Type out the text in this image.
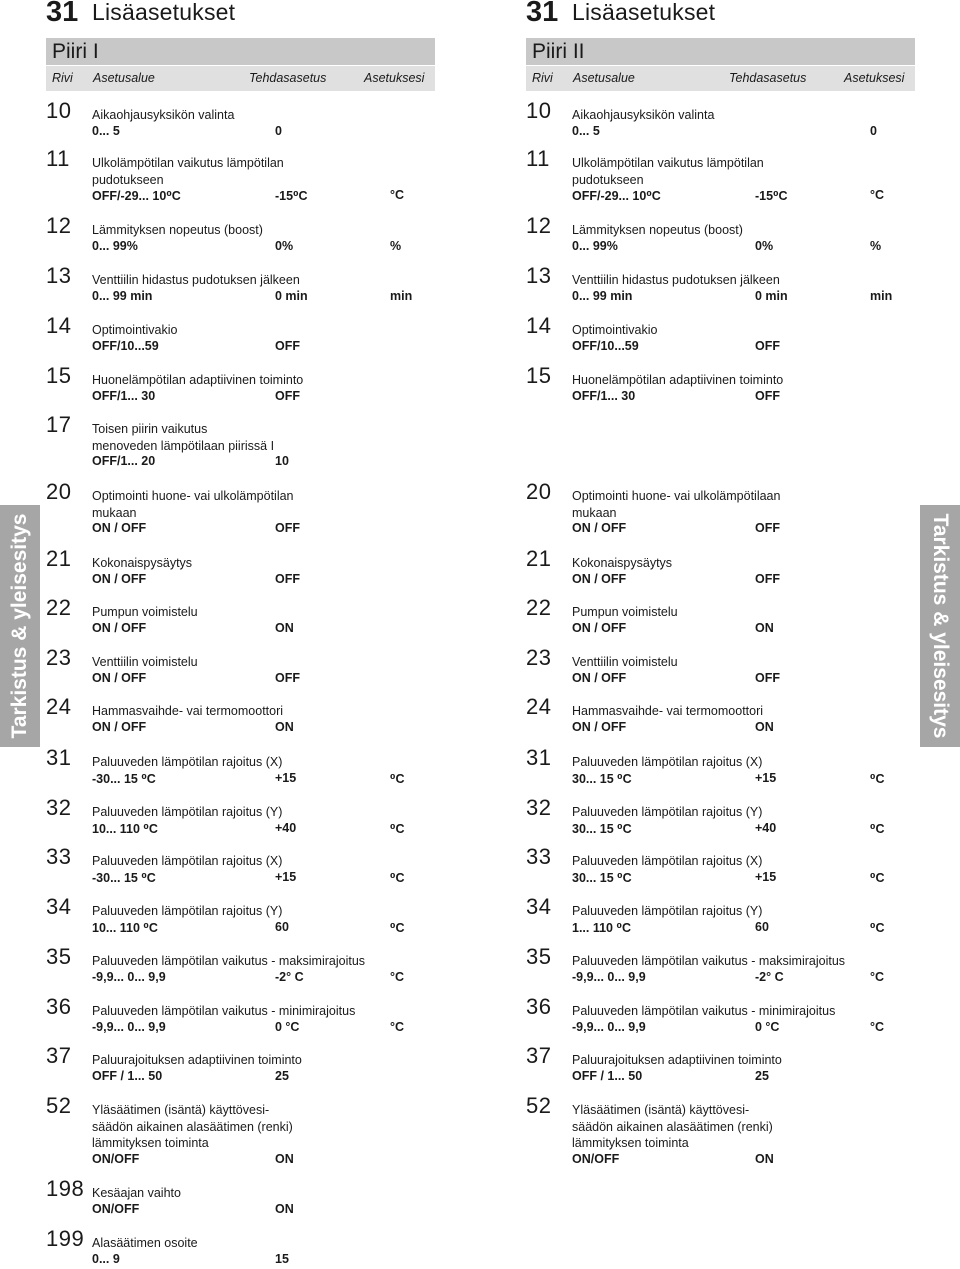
31 Lisäasetukset
Piiri I
Rivi Asetusalue	Tehdasasetus	Asetuksesi
10 Aikaohjausyksikön valinta
0... 5	0
11 Ulkolämpötilan vaikutus lämpötilan
pudotukseen
OFF/-29... 10⁰C	-15⁰C	°C
12 Lämmityksen nopeutus (boost)
0... 99%	0%	%
13 Venttiilin hidastus pudotuksen jälkeen
0... 99 min	0 min	min
14 Optimointivakio
OFF/10...59	OFF
15 Huonelämpötilan adaptiivinen toiminto
OFF/1... 30	OFF
17 Toisen piirin vaikutus
menoveden lämpötilaan piirissä I
OFF/1... 20	10
20 Optimointi huone- vai ulkolämpötilan
mukaan
ON / OFF	OFF
21 Kokonaispysäytys
ON / OFF	OFF
22 Pumpun voimistelu
ON / OFF	ON
23 Venttiilin voimistelu
ON / OFF	OFF
24 Hammasvaihde- vai termomoottori
ON / OFF	ON
31 Paluuveden lämpötilan rajoitus (X)
-30... 15 ⁰C	+15	⁰C
32 Paluuveden lämpötilan rajoitus (Y)
10... 110 ⁰C	+40	⁰C
33 Paluuveden lämpötilan rajoitus (X)
-30... 15 ⁰C	+15	⁰C
34 Paluuveden lämpötilan rajoitus (Y)
10... 110 ⁰C	60	⁰C
35 Paluuveden lämpötilan vaikutus - maksimirajoitus
-9,9... 0... 9,9	-2° C	°C
36 Paluuveden lämpötilan vaikutus - minimirajoitus
-9,9... 0... 9,9	0 °C	°C
37 Paluurajoituksen adaptiivinen toiminto
OFF / 1... 50	25
52 Yläsäätimen (isäntä) käyttövesi-
säädön aikainen alasäätimen (renki)
lämmityksen toiminta
ON/OFF	ON
198 Kesäajan vaihto
ON/OFF	ON
199 Alasäätimen osoite
0... 9	15
31 Lisäasetukset
Piiri II
Rivi Asetusalue	Tehdasasetus	Asetuksesi
10 Aikaohjausyksikön valinta
0... 5	0
11 Ulkolämpötilan vaikutus lämpötilan
pudotukseen
OFF/-29... 10⁰C	-15⁰C	°C
12 Lämmityksen nopeutus (boost)
0... 99%	0%	%
13 Venttiilin hidastus pudotuksen jälkeen
0... 99 min	0 min	min
14 Optimointivakio
OFF/10...59	OFF
15 Huonelämpötilan adaptiivinen toiminto
OFF/1... 30	OFF
20 Optimointi huone- vai ulkolämpötilaan
mukaan
ON / OFF	OFF
21 Kokonaispysäytys
ON / OFF	OFF
22 Pumpun voimistelu
ON / OFF	ON
23 Venttiilin voimistelu
ON / OFF	OFF
24 Hammasvaihde- vai termomoottori
ON / OFF	ON
31 Paluuveden lämpötilan rajoitus (X)
30... 15 ⁰C	+15	⁰C
32 Paluuveden lämpötilan rajoitus (Y)
30... 15 ⁰C	+40	⁰C
33 Paluuveden lämpötilan rajoitus (X)
30... 15 ⁰C	+15	⁰C
34 Paluuveden lämpötilan rajoitus (Y)
1... 110 ⁰C	60	⁰C
35 Paluuveden lämpötilan vaikutus - maksimirajoitus
-9,9... 0... 9,9	-2° C	°C
36 Paluuveden lämpötilan vaikutus - minimirajoitus
-9,9... 0... 9,9	0 °C	°C
37 Paluurajoituksen adaptiivinen toiminto
OFF / 1... 50	25
52 Yläsäätimen (isäntä) käyttövesi-
säädön aikainen alasäätimen (renki)
lämmityksen toiminta
ON/OFF	ON
Tarkistus & yleisesitys	Tarkistus & yleisesitys
